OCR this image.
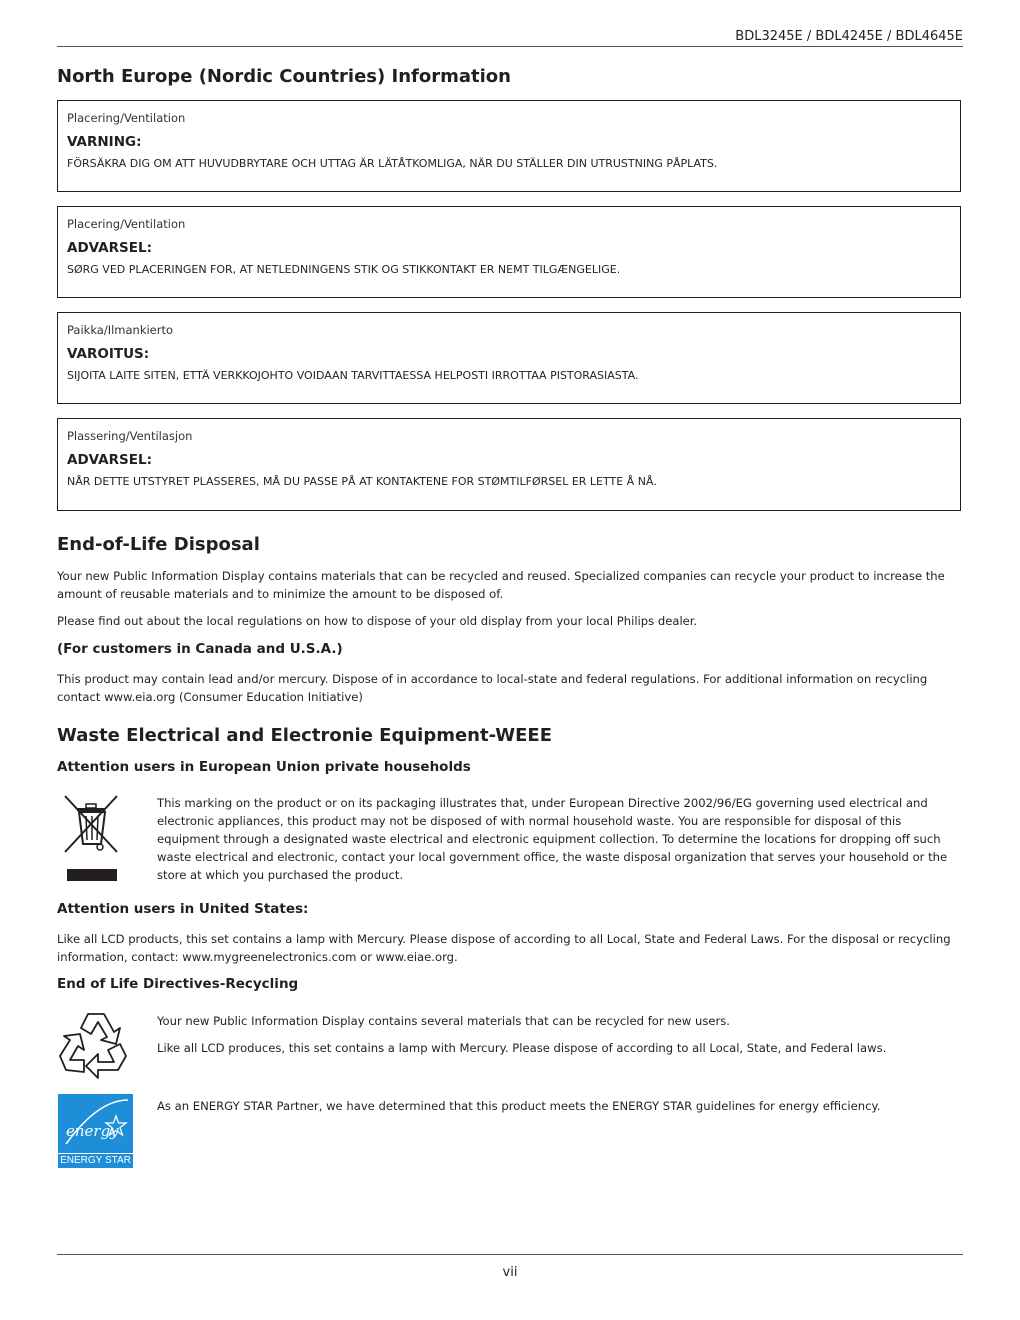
BDL3245E / BDL4245E / BDL4645E
North Europe (Nordic Countries) Information
Placering/Ventilation
VARNING:
FÖRSÄKRA DIG OM ATT HUVUDBRYTARE OCH UTTAG ÄR LÄTÅTKOMLIGA, NÄR DU STÄLLER DIN UTRUSTNING PÅPLATS.
Placering/Ventilation
ADVARSEL:
SØRG VED PLACERINGEN FOR, AT NETLEDNINGENS STIK OG STIKKONTAKT ER NEMT TILGÆNGELIGE.
Paikka/Ilmankierto
VAROITUS:
SIJOITA LAITE SITEN, ETTÄ VERKKOJOHTO VOIDAAN TARVITTAESSA HELPOSTI IRROTTAA PISTORASIASTA.
Plassering/Ventilasjon
ADVARSEL:
NÅR DETTE UTSTYRET PLASSERES, MÅ DU PASSE PÅ AT KONTAKTENE FOR STØMTILFØRSEL ER LETTE Å NÅ.
End-of-Life Disposal
Your new Public Information Display contains materials that can be recycled and reused. Specialized companies can recycle your product to increase the amount of reusable materials and to minimize the amount to be disposed of.
Please find out about the local regulations on how to dispose of your old display from your local Philips dealer.
(For customers in Canada and U.S.A.)
This product may contain lead and/or mercury. Dispose of in accordance to local-state and federal regulations. For additional information on recycling contact www.eia.org (Consumer Education Initiative)
Waste Electrical and Electronie Equipment-WEEE
Attention users in European Union private households
This marking on the product or on its packaging illustrates that, under European Directive 2002/96/EG governing used electrical and electronic appliances, this product may not be disposed of with normal household waste. You are responsible for disposal of this equipment through a designated waste electrical and electronic equipment collection. To determine the locations for dropping off such waste electrical and electronic, contact your local government office, the waste disposal organization that serves your household or the store at which you purchased the product.
Attention users in United States:
Like all LCD products, this set contains a lamp with Mercury. Please dispose of according to all Local, State and Federal Laws. For the disposal or recycling information, contact: www.mygreenelectronics.com or www.eiae.org.
End of Life Directives-Recycling
Your new Public Information Display contains several materials that can be recycled for new users.
Like all LCD produces, this set contains a lamp with Mercury. Please dispose of according to all Local, State, and Federal laws.
energy
ENERGY STAR
As an ENERGY STAR Partner, we have determined that this product meets the ENERGY STAR guidelines for energy efficiency.
vii
